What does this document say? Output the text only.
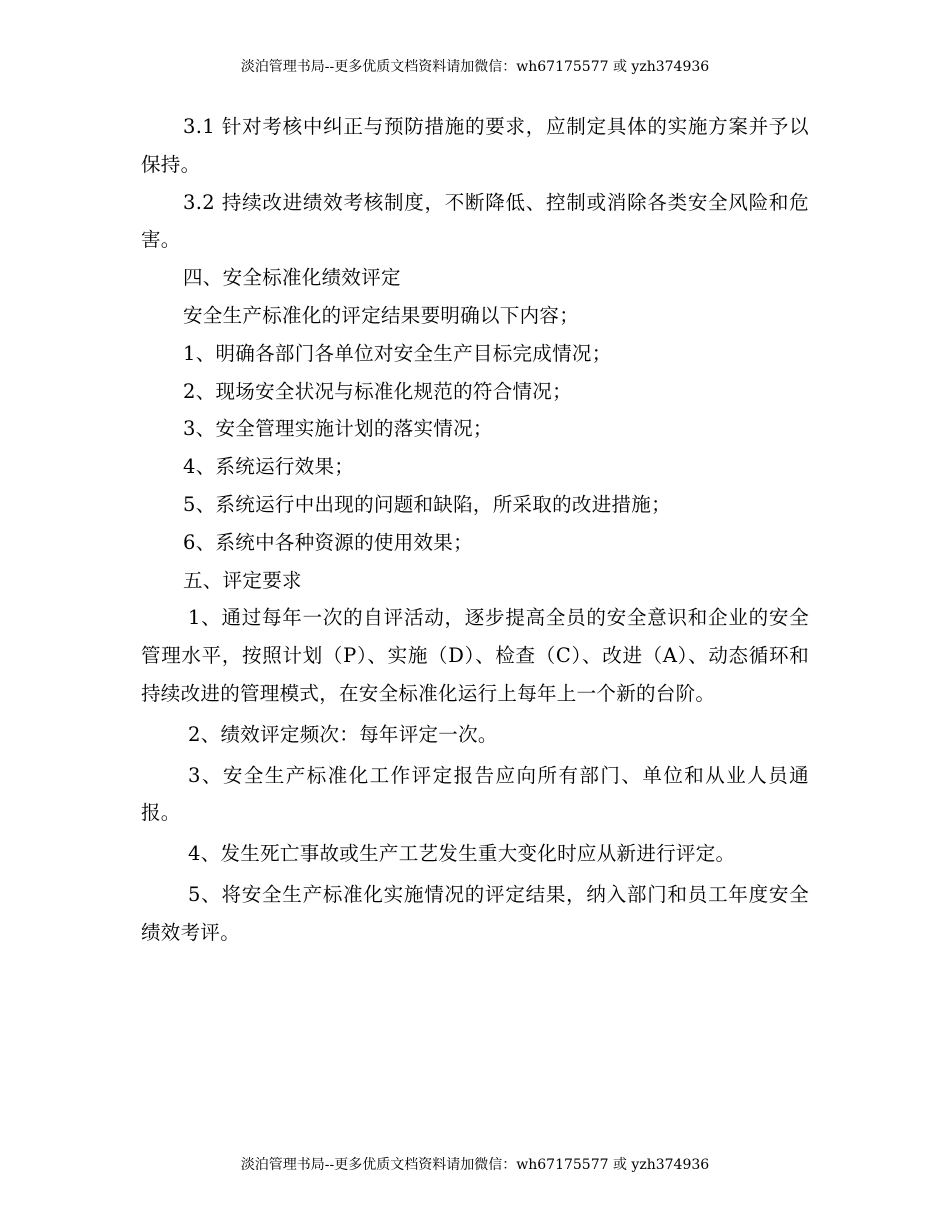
淡泊管理书局--更多优质文档资料请加微信：wh67175577 或 yzh374936

3.1 针对考核中纠正与预防措施的要求，应制定具体的实施方案并予以保持。

3.2 持续改进绩效考核制度，不断降低、控制或消除各类安全风险和危害。

四、安全标准化绩效评定

安全生产标准化的评定结果要明确以下内容；

1、明确各部门各单位对安全生产目标完成情况；

2、现场安全状况与标准化规范的符合情况；

3、安全管理实施计划的落实情况；

4、系统运行效果；

5、系统运行中出现的问题和缺陷，所采取的改进措施；

6、系统中各种资源的使用效果；

五、评定要求

1、通过每年一次的自评活动，逐步提高全员的安全意识和企业的安全管理水平，按照计划（P）、实施（D）、检查（C）、改进（A）、动态循环和持续改进的管理模式，在安全标准化运行上每年上一个新的台阶。

2、绩效评定频次：每年评定一次。

3、安全生产标准化工作评定报告应向所有部门、单位和从业人员通报。

4、发生死亡事故或生产工艺发生重大变化时应从新进行评定。

5、将安全生产标准化实施情况的评定结果，纳入部门和员工年度安全绩效考评。

淡泊管理书局--更多优质文档资料请加微信：wh67175577 或 yzh374936
